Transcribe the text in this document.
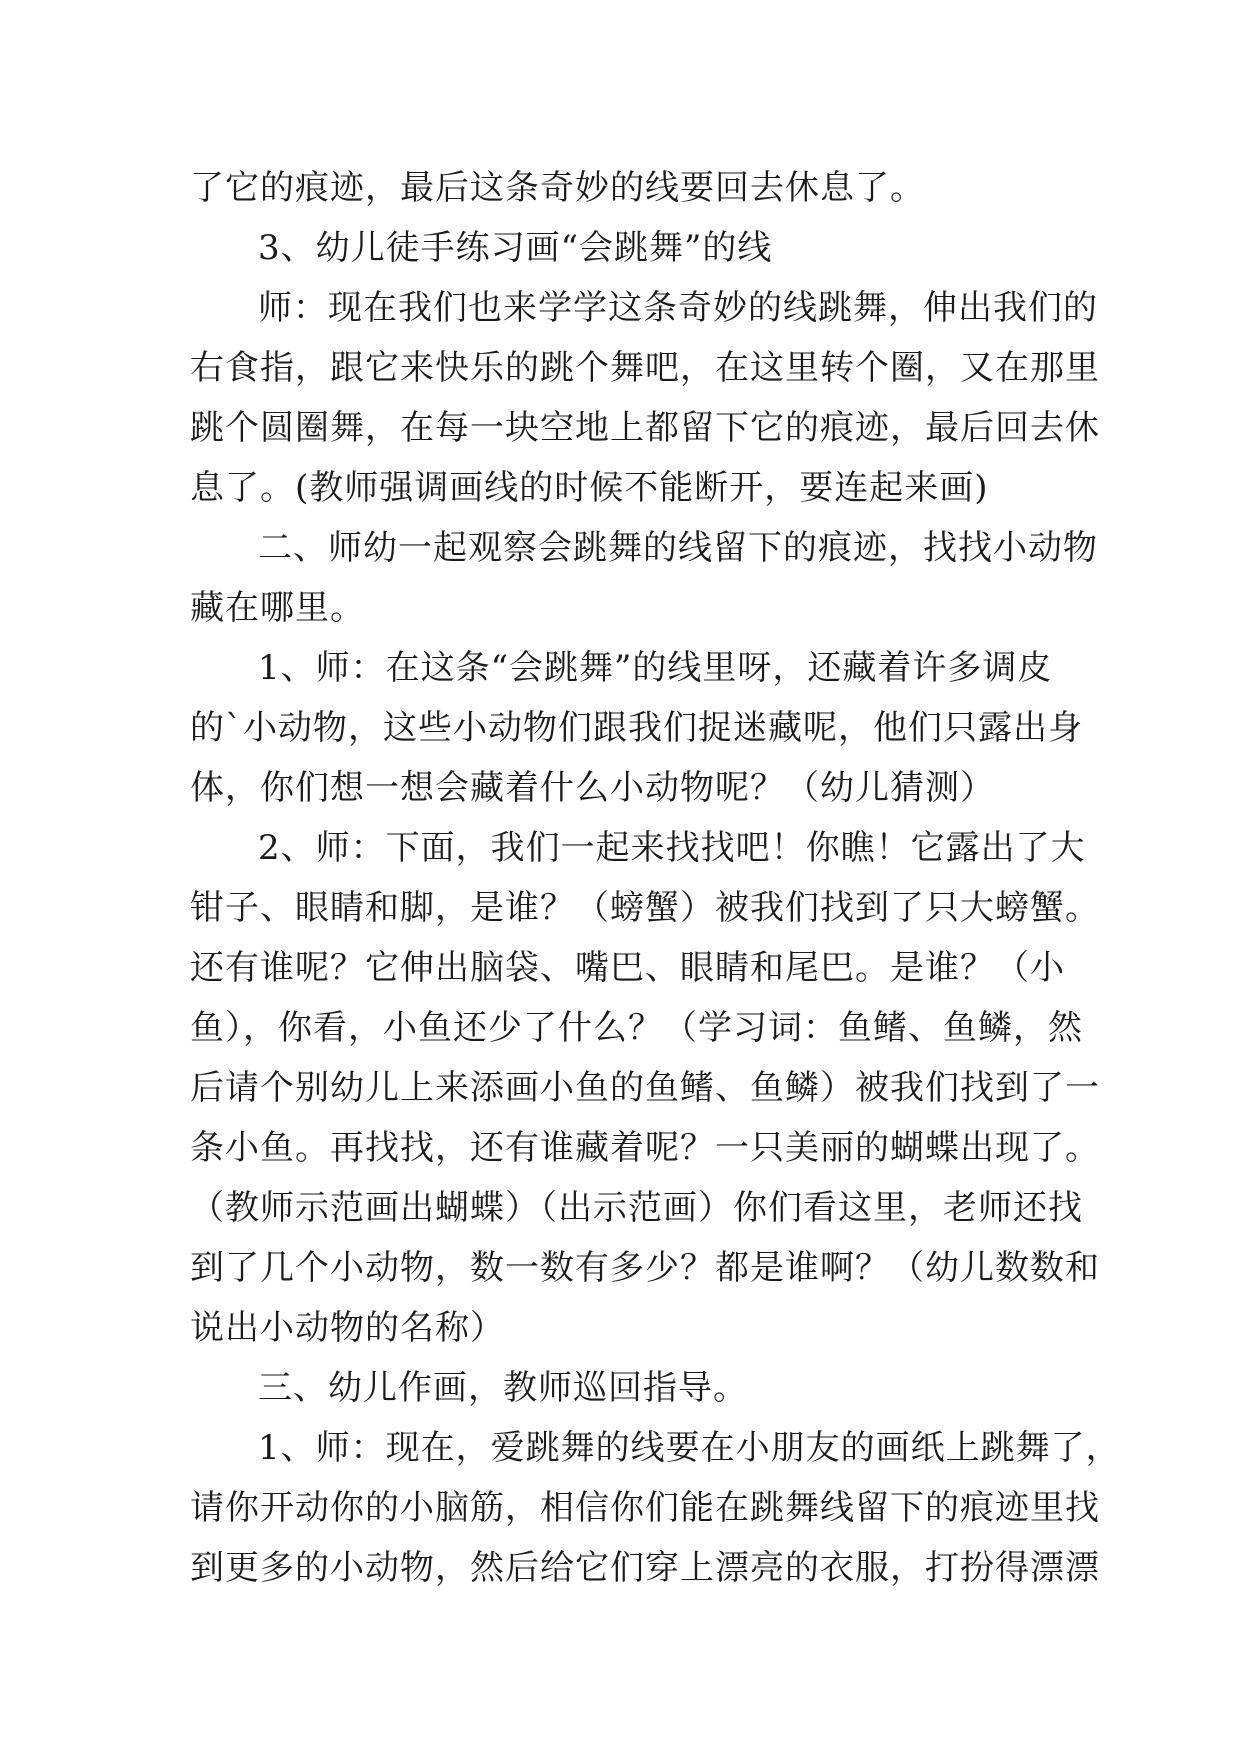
了它的痕迹，最后这条奇妙的线要回去休息了。
3、幼儿徒手练习画“会跳舞”的线
师：现在我们也来学学这条奇妙的线跳舞，伸出我们的
右食指，跟它来快乐的跳个舞吧，在这里转个圈，又在那里
跳个圆圈舞，在每一块空地上都留下它的痕迹，最后回去休
息了。(教师强调画线的时候不能断开，要连起来画)
二、师幼一起观察会跳舞的线留下的痕迹，找找小动物
藏在哪里。
1、师：在这条“会跳舞”的线里呀，还藏着许多调皮
的`小动物，这些小动物们跟我们捉迷藏呢，他们只露出身
体，你们想一想会藏着什么小动物呢？（幼儿猜测）
2、师：下面，我们一起来找找吧！你瞧！它露出了大
钳子、眼睛和脚，是谁？（螃蟹）被我们找到了只大螃蟹。
还有谁呢？它伸出脑袋、嘴巴、眼睛和尾巴。是谁？（小
鱼），你看，小鱼还少了什么？（学习词：鱼鳍、鱼鳞，然
后请个别幼儿上来添画小鱼的鱼鳍、鱼鳞）被我们找到了一
条小鱼。再找找，还有谁藏着呢？一只美丽的蝴蝶出现了。
（教师示范画出蝴蝶）（出示范画）你们看这里，老师还找
到了几个小动物，数一数有多少？都是谁啊？（幼儿数数和
说出小动物的名称）
三、幼儿作画，教师巡回指导。
1、师：现在，爱跳舞的线要在小朋友的画纸上跳舞了，
请你开动你的小脑筋，相信你们能在跳舞线留下的痕迹里找
到更多的小动物，然后给它们穿上漂亮的衣服，打扮得漂漂
